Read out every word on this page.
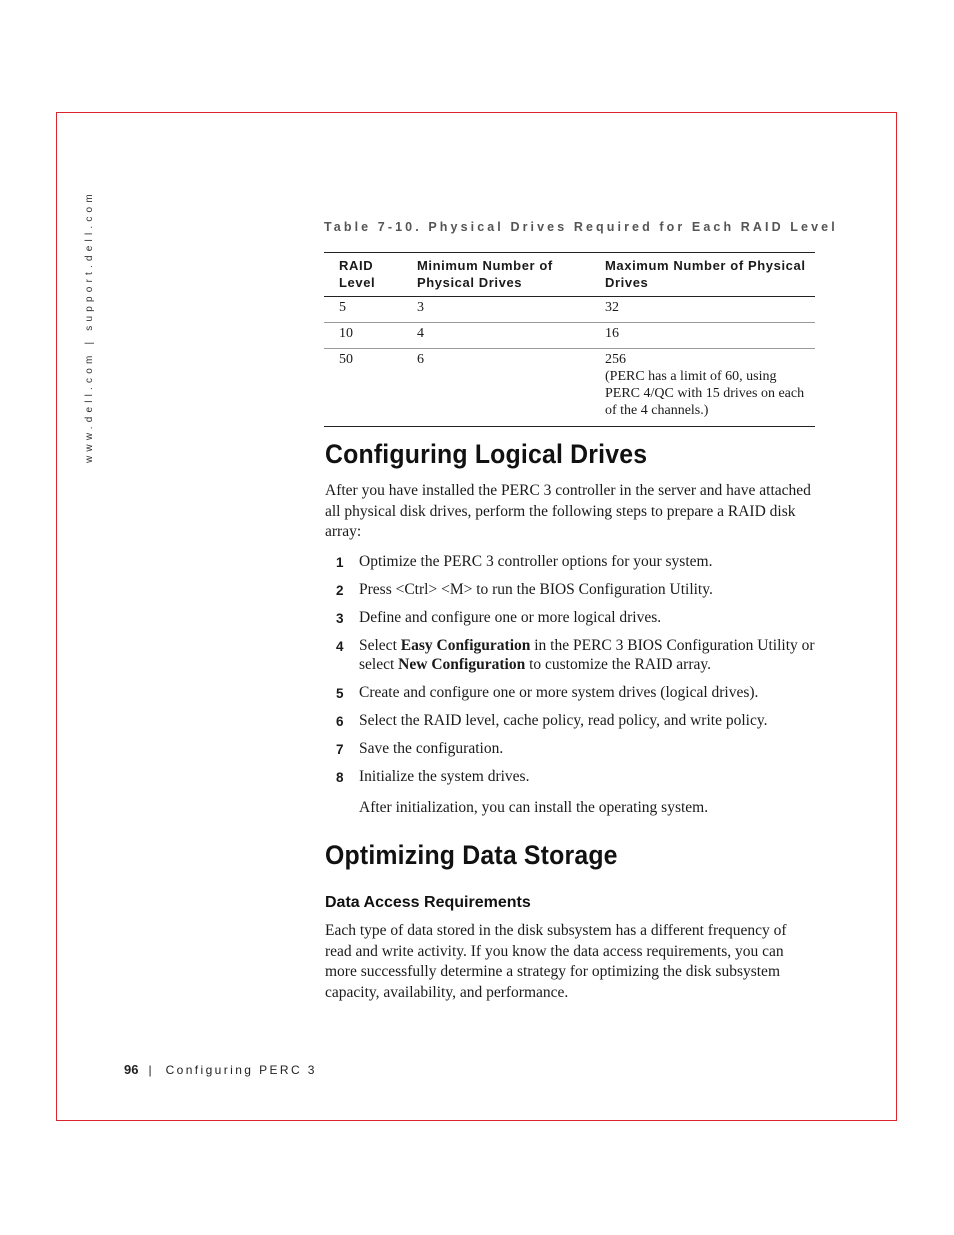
www.dell.com | support.dell.com	Table 7-10. Physical Drives Required for Each RAID Level
RAID Level	Minimum Number of Physical Drives	Maximum Number of Physical Drives
5	3	32
10	4	16
50	6	256
(PERC has a limit of 60, using PERC 4/QC with 15 drives on each of the 4 channels.)
Configuring Logical Drives

After you have installed the PERC 3 controller in the server and have attached all physical disk drives, perform the following steps to prepare a RAID disk array:

1 Optimize the PERC 3 controller options for your system.
2 Press <Ctrl> <M> to run the BIOS Configuration Utility.
3 Define and configure one or more logical drives.
4 Select Easy Configuration in the PERC 3 BIOS Configuration Utility or select New Configuration to customize the RAID array.
5 Create and configure one or more system drives (logical drives).
6 Select the RAID level, cache policy, read policy, and write policy.
7 Save the configuration.
8 Initialize the system drives.

After initialization, you can install the operating system.

Optimizing Data Storage
Data Access Requirements

Each type of data stored in the disk subsystem has a different frequency of read and write activity. If you know the data access requirements, you can more successfully determine a strategy for optimizing the disk subsystem capacity, availability, and performance.

96 | Configuring PERC 3
